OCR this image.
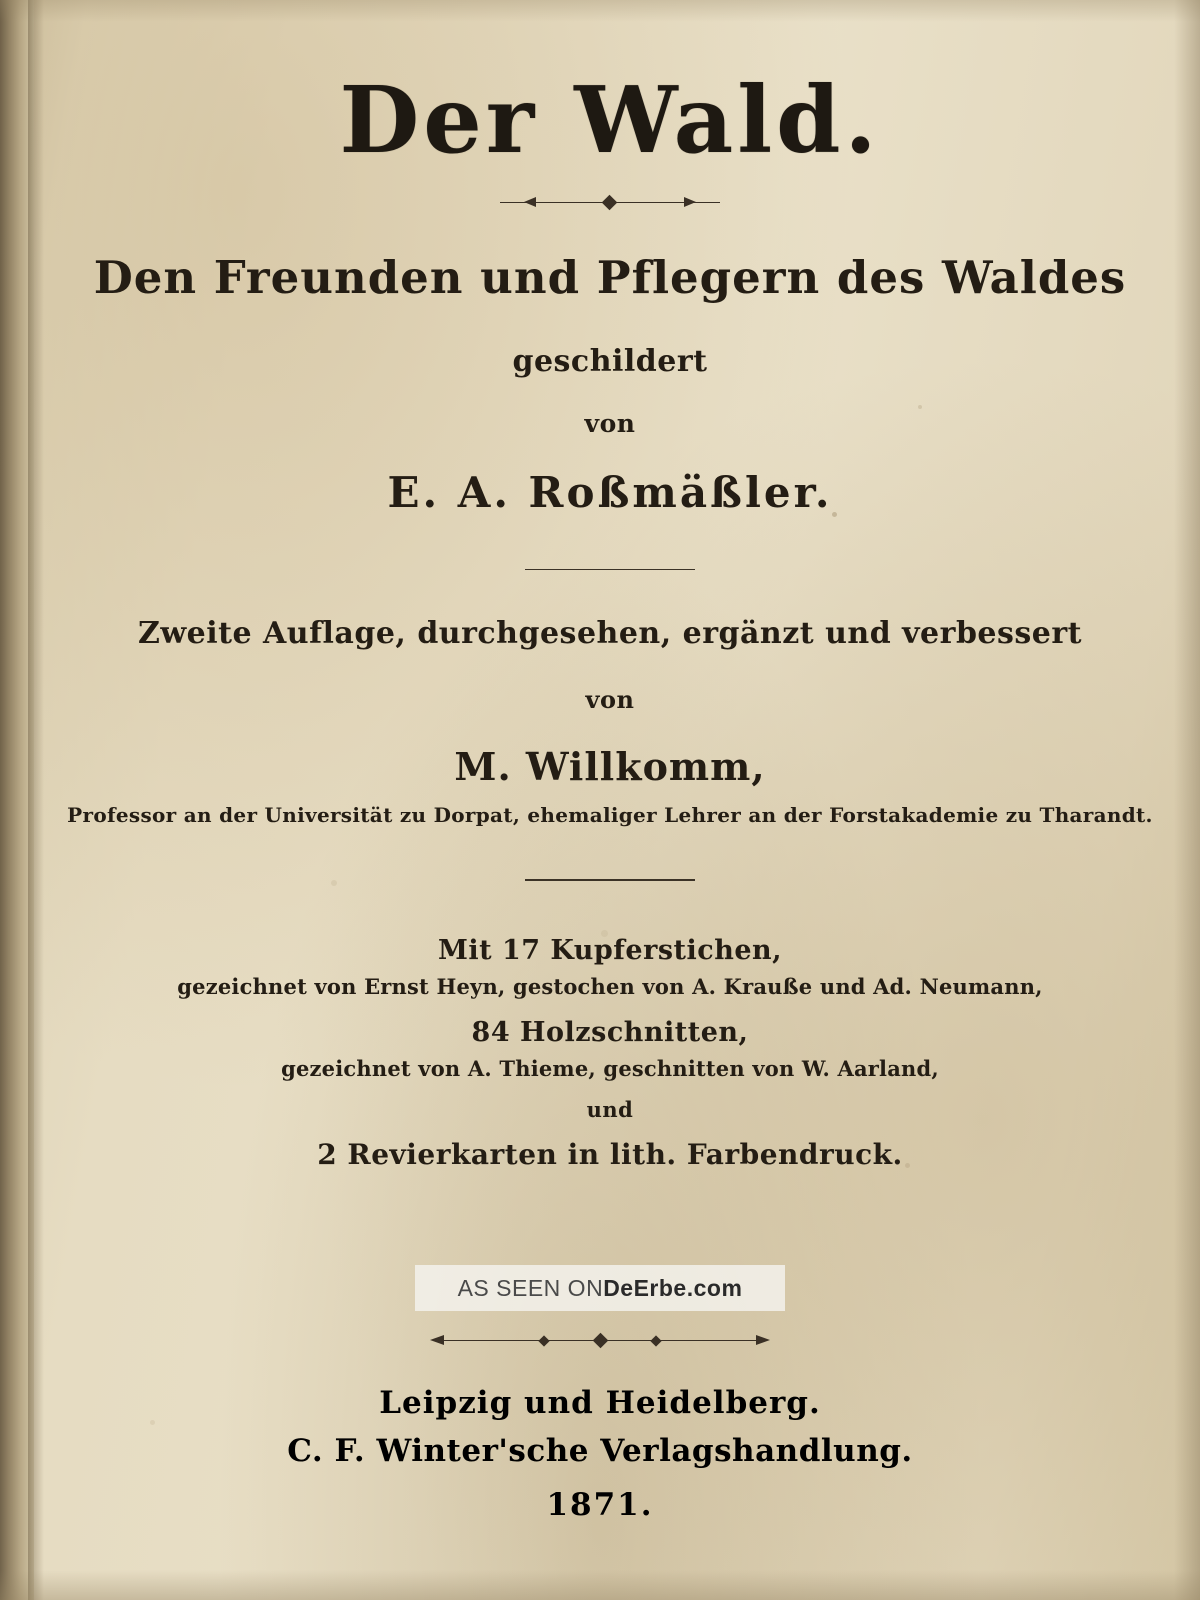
Der Wald.
Den Freunden und Pflegern des Waldes
geschildert
von
E. A. Roßmäßler.
Zweite Auflage, durchgesehen, ergänzt und verbessert
von
M. Willkomm,
Professor an der Universität zu Dorpat, ehemaliger Lehrer an der Forstakademie zu Tharandt.
Mit 17 Kupferstichen,
gezeichnet von Ernst Heyn, gestochen von A. Krauße und Ad. Neumann,
84 Holzschnitten,
gezeichnet von A. Thieme, geschnitten von W. Aarland,
und
2 Revierkarten in lith. Farbendruck.
AS SEEN ON DeErbe.com
Leipzig und Heidelberg.
C. F. Winter'sche Verlagshandlung.
1871.
